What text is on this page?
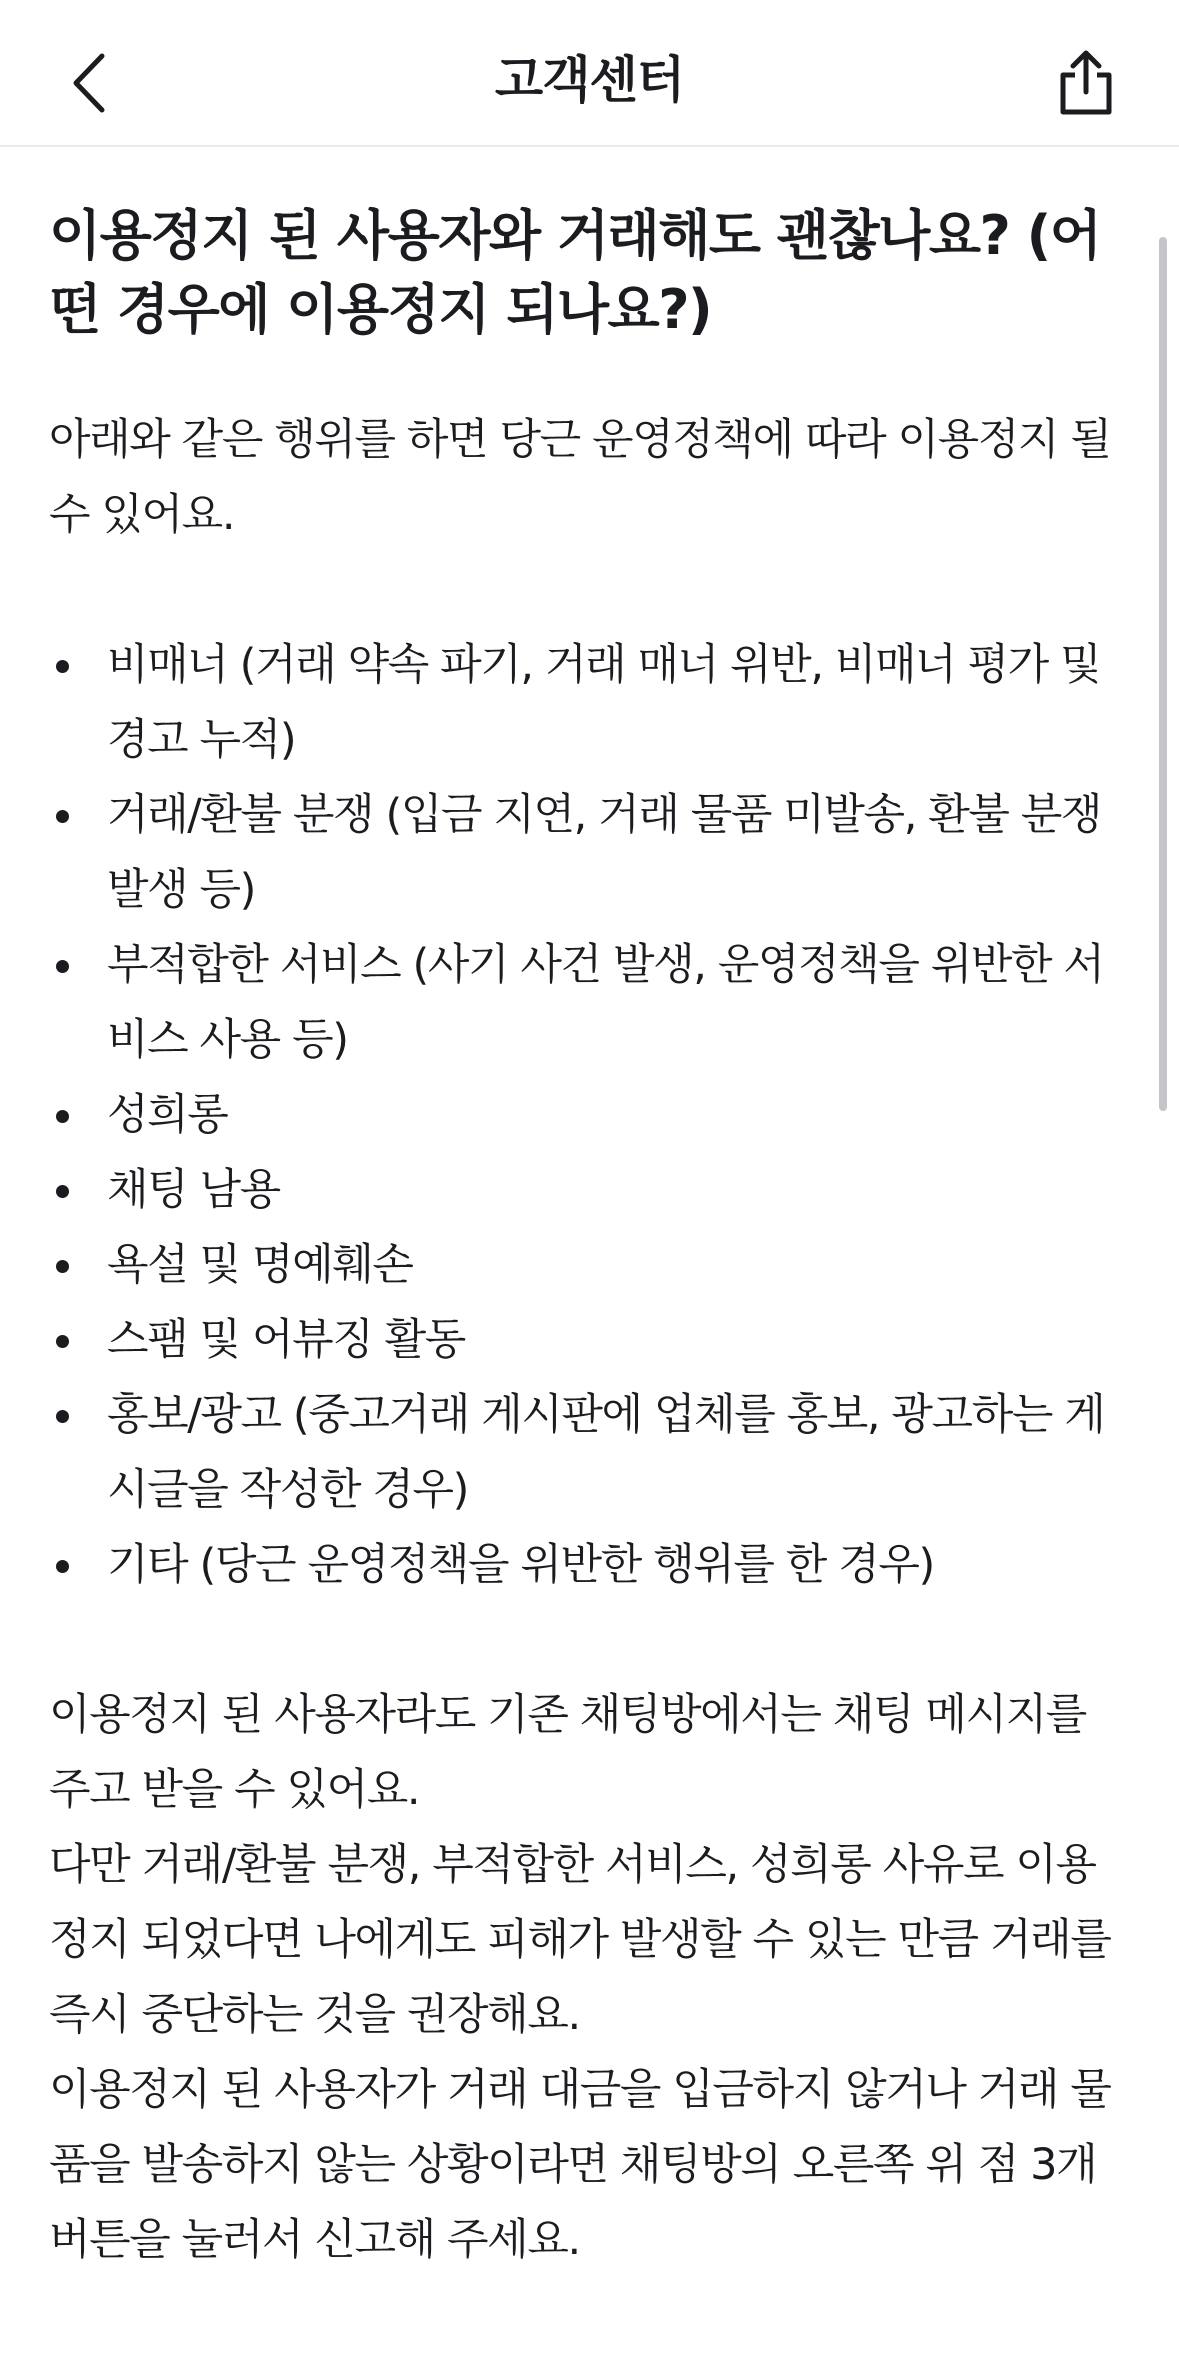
고객센터
이용정지 된 사용자와 거래해도 괜찮나요? (어떤 경우에 이용정지 되나요?)

아래와 같은 행위를 하면 당근 운영정책에 따라 이용정지 될 수 있어요.

비매너 (거래 약속 파기, 거래 매너 위반, 비매너 평가 및 경고 누적)
거래/환불 분쟁 (입금 지연, 거래 물품 미발송, 환불 분쟁 발생 등)
부적합한 서비스 (사기 사건 발생, 운영정책을 위반한 서비스 사용 등)
성희롱
채팅 남용
욕설 및 명예훼손
스팸 및 어뷰징 활동
홍보/광고 (중고거래 게시판에 업체를 홍보, 광고하는 게시글을 작성한 경우)
기타 (당근 운영정책을 위반한 행위를 한 경우)

이용정지 된 사용자라도 기존 채팅방에서는 채팅 메시지를 주고 받을 수 있어요.

다만 거래/환불 분쟁, 부적합한 서비스, 성희롱 사유로 이용정지 되었다면 나에게도 피해가 발생할 수 있는 만큼 거래를 즉시 중단하는 것을 권장해요.

이용정지 된 사용자가 거래 대금을 입금하지 않거나 거래 물품을 발송하지 않는 상황이라면 채팅방의 오른쪽 위 점 3개 버튼을 눌러서 신고해 주세요.
